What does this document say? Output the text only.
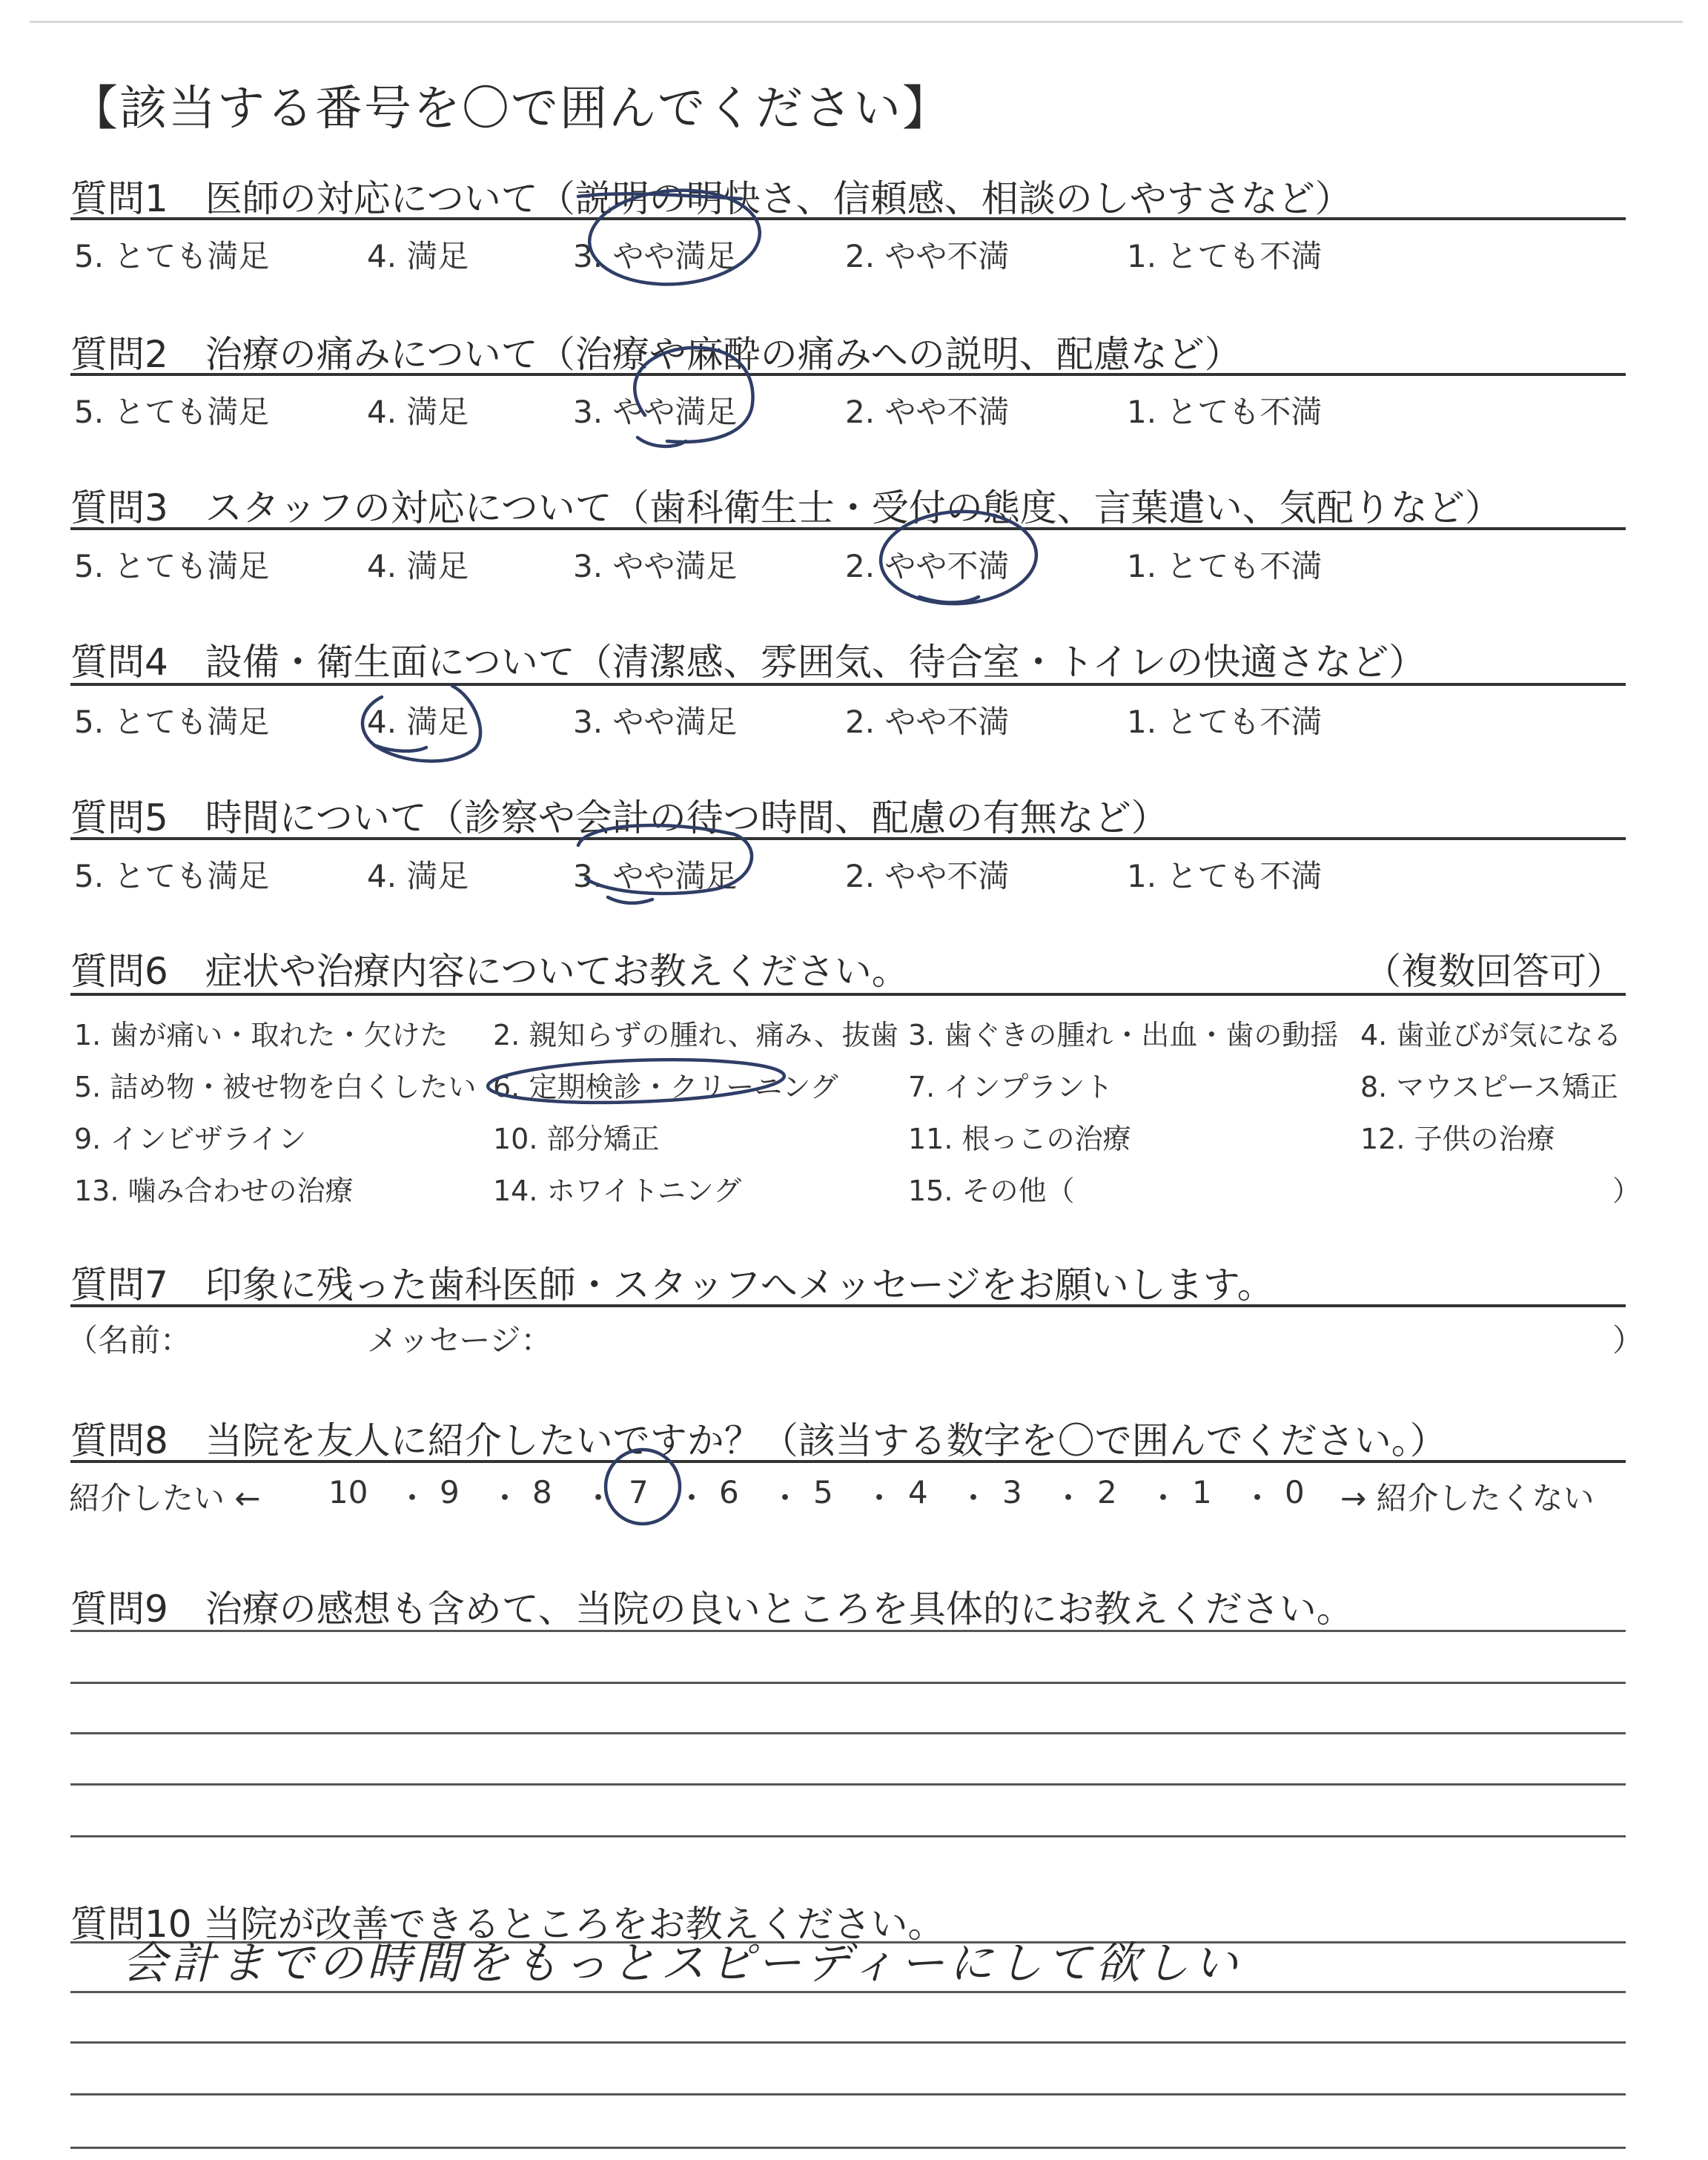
【該当する番号を〇で囲んでください】
質問1　医師の対応について（説明の明快さ、信頼感、相談のしやすさなど）
5. とても満足	4. 満足	3. やや満足	2. やや不満	1. とても不満
質問2　治療の痛みについて（治療や麻酔の痛みへの説明、配慮など）
5. とても満足	4. 満足	3. やや満足	2. やや不満	1. とても不満
質問3　スタッフの対応について（歯科衛生士・受付の態度、言葉遣い、気配りなど）
5. とても満足	4. 満足	3. やや満足	2. やや不満	1. とても不満
質問4　設備・衛生面について（清潔感、雰囲気、待合室・トイレの快適さなど）
5. とても満足	4. 満足	3. やや満足	2. やや不満	1. とても不満
質問5　時間について（診察や会計の待つ時間、配慮の有無など）
5. とても満足	4. 満足	3. やや満足	2. やや不満	1. とても不満
質問6　症状や治療内容についてお教えください。	（複数回答可）
1. 歯が痛い・取れた・欠けた 2. 親知らずの腫れ、痛み、抜歯 3. 歯ぐきの腫れ・出血・歯の動揺 4. 歯並びが気になる
5. 詰め物・被せ物を白くしたい 6. 定期検診・クリーニング 7. インプラント	8. マウスピース矯正
9. インビザライン	10. 部分矯正	11. 根っこの治療	12. 子供の治療
13. 噛み合わせの治療	14. ホワイトニング	15. その他（	）
質問7　印象に残った歯科医師・スタッフへメッセージをお願いします。
（名前：	メッセージ：	）
質問8　当院を友人に紹介したいですか？（該当する数字を〇で囲んでください。）
紹介したい ← 10 ・ 9 ・ 8 ・ 7 ・ 6 ・ 5 ・ 4 ・ 3 ・ 2 ・ 1 ・ 0 → 紹介したくない
質問9　治療の感想も含めて、当院の良いところを具体的にお教えください。
質問10 当院が改善できるところをお教えください。
会計までの時間をもっとスピーディーにして欲しい
